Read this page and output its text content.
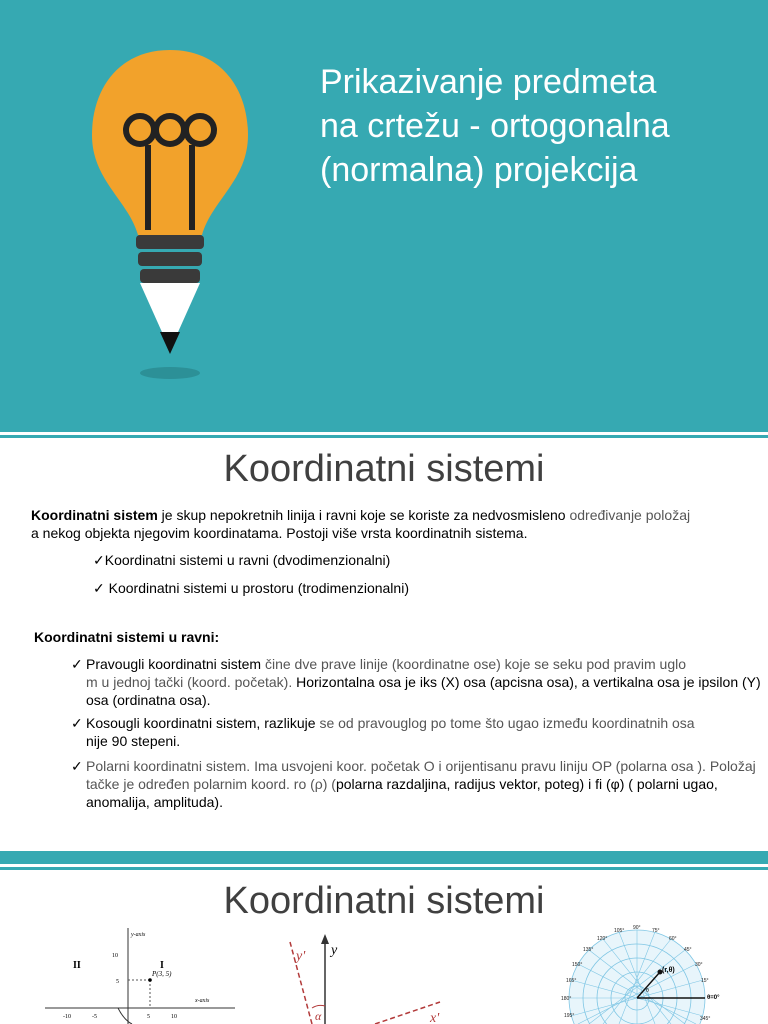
Prikazivanje predmeta
na crtežu - ortogonalna
(normalna) projekcija
Koordinatni sistemi
Koordinatni sistem je skup nepokretnih linija i ravni koje se koriste za nedvosmisleno određivanje položaj
a nekog objekta njegovim koordinatama. Postoji više vrsta koordinatnih sistema.
✓Koordinatni sistemi u ravni (dvodimenzionalni)
✓ Koordinatni sistemi u prostoru (trodimenzionalni)
Koordinatni sistemi u ravni:
✓ Pravougli koordinatni sistem čine dve prave linije (koordinatne ose) koje se seku pod pravim uglo
m u jednoj tački (koord. početak). Horizontalna osa je iks (X) osa (apcisna osa), a vertikalna osa je ipsilon (Y) osa (ordinatna osa).
✓ Kosougli koordinatni sistem, razlikuje se od pravouglog po tome što ugao između koordinatnih osa
nije 90 stepeni.
✓ Polarni koordinatni sistem. Ima usvojeni koor. početak O i orijentisanu pravu liniju OP (polarna osa ). Položaj tačke je određen polarnim koord. ro (ρ) (polarna razdaljina, radijus vektor, poteg) i fi (φ) ( polarni ugao, anomalija, amplituda).
Koordinatni sistemi
II	I
P(3, 5)
y-axis
x-axis
10
5
-10	-5	5	10
y
y'
x'
α
(r,θ)
θ=0°
θ
90°
105°	75°
120°	60°
135°	45°
150°	30°
165°	15°
180°
195°	345°
